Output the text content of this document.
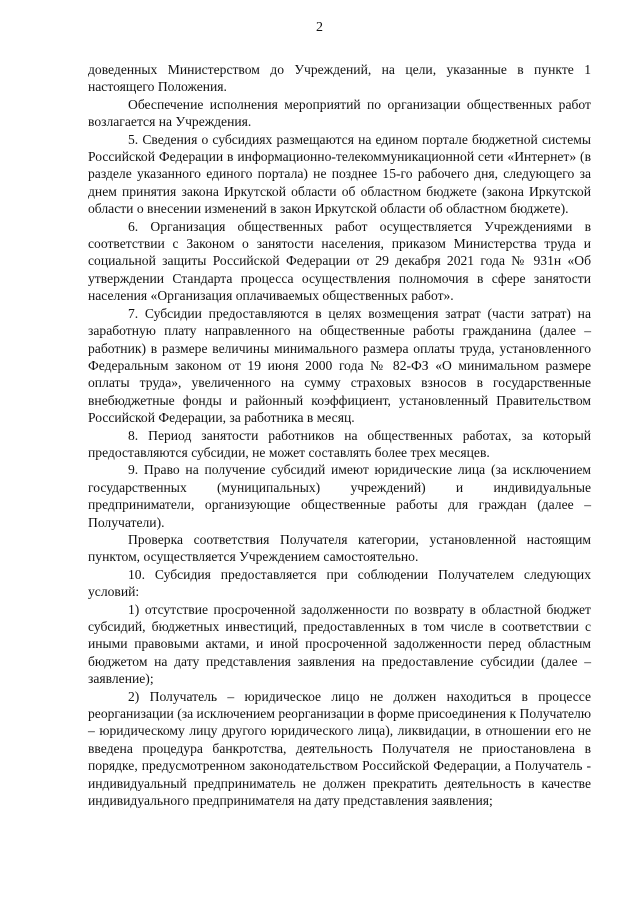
2

доведенных Министерством до Учреждений, на цели, указанные в пункте 1 настоящего Положения.

Обеспечение исполнения мероприятий по организации общественных работ возлагается на Учреждения.

5. Сведения о субсидиях размещаются на едином портале бюджетной системы Российской Федерации в информационно-телекоммуникационной сети «Интернет» (в разделе указанного единого портала) не позднее 15-го рабочего дня, следующего за днем принятия закона Иркутской области об областном бюджете (закона Иркутской области о внесении изменений в закон Иркутской области об областном бюджете).

6. Организация общественных работ осуществляется Учреждениями в соответствии с Законом о занятости населения, приказом Министерства труда и социальной защиты Российской Федерации от 29 декабря 2021 года № 931н «Об утверждении Стандарта процесса осуществления полномочия в сфере занятости населения «Организация оплачиваемых общественных работ».

7. Субсидии предоставляются в целях возмещения затрат (части затрат) на заработную плату направленного на общественные работы гражданина (далее – работник) в размере величины минимального размера оплаты труда, установленного Федеральным законом от 19 июня 2000 года № 82-ФЗ «О минимальном размере оплаты труда», увеличенного на сумму страховых взносов в государственные внебюджетные фонды и районный коэффициент, установленный Правительством Российской Федерации, за работника в месяц.

8. Период занятости работников на общественных работах, за который предоставляются субсидии, не может составлять более трех месяцев.

9. Право на получение субсидий имеют юридические лица (за исключением государственных (муниципальных) учреждений) и индивидуальные предприниматели, организующие общественные работы для граждан (далее – Получатели).

Проверка соответствия Получателя категории, установленной настоящим пунктом, осуществляется Учреждением самостоятельно.

10. Субсидия предоставляется при соблюдении Получателем следующих условий:

1) отсутствие просроченной задолженности по возврату в областной бюджет субсидий, бюджетных инвестиций, предоставленных в том числе в соответствии с иными правовыми актами, и иной просроченной задолженности перед областным бюджетом на дату представления заявления на предоставление субсидии (далее – заявление);

2) Получатель – юридическое лицо не должен находиться в процессе реорганизации (за исключением реорганизации в форме присоединения к Получателю – юридическому лицу другого юридического лица), ликвидации, в отношении его не введена процедура банкротства, деятельность Получателя не приостановлена в порядке, предусмотренном законодательством Российской Федерации, а Получатель - индивидуальный предприниматель не должен прекратить деятельность в качестве индивидуального предпринимателя на дату представления заявления;
